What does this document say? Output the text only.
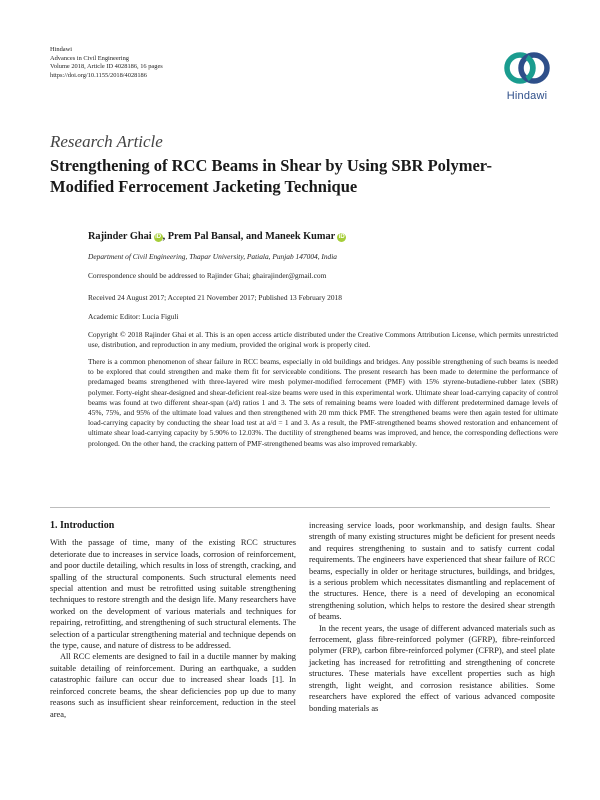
Hindawi
Advances in Civil Engineering
Volume 2018, Article ID 4028186, 16 pages
https://doi.org/10.1155/2018/4028186
Hindawi
Research Article
Strengthening of RCC Beams in Shear by Using SBR Polymer-Modified Ferrocement Jacketing Technique
Rajinder Ghai iD , Prem Pal Bansal, and Maneek Kumar iD
Department of Civil Engineering, Thapar University, Patiala, Punjab 147004, India
Correspondence should be addressed to Rajinder Ghai; ghairajinder@gmail.com
Received 24 August 2017; Accepted 21 November 2017; Published 13 February 2018
Academic Editor: Lucia Figuli
Copyright © 2018 Rajinder Ghai et al. This is an open access article distributed under the Creative Commons Attribution License, which permits unrestricted use, distribution, and reproduction in any medium, provided the original work is properly cited.
There is a common phenomenon of shear failure in RCC beams, especially in old buildings and bridges. Any possible strengthening of such beams is needed to be explored that could strengthen and make them fit for serviceable conditions. The present research has been made to determine the performance of predamaged beams strengthened with three-layered wire mesh polymer-modified ferrocement (PMF) with 15% styrene-butadiene-rubber latex (SBR) polymer. Forty-eight shear-designed and shear-deficient real-size beams were used in this experimental work. Ultimate shear load-carrying capacity of control beams was found at two different shear-span (a/d) ratios 1 and 3. The sets of remaining beams were loaded with different predetermined damage levels of 45%, 75%, and 95% of the ultimate load values and then strengthened with 20 mm thick PMF. The strengthened beams were then again tested for ultimate load-carrying capacity by conducting the shear load test at a/d = 1 and 3. As a result, the PMF-strengthened beams showed restoration and enhancement of ultimate shear load-carrying capacity by 5.90% to 12.03%. The ductility of strengthened beams was improved, and hence, the corresponding deflections were prolonged. On the other hand, the cracking pattern of PMF-strengthened beams was also improved remarkably.
1. Introduction

With the passage of time, many of the existing RCC structures deteriorate due to increases in service loads, corrosion of reinforcement, and poor ductile detailing, which results in loss of strength, cracking, and spalling of the structural components. Such structural elements need special attention and must be retrofitted using suitable strengthening techniques to restore strength and the design life. Many researchers have worked on the development of various materials and techniques for repairing, retrofitting, and strengthening of such structural elements. The selection of a particular strengthening material and technique depends on the type, cause, and nature of distress to be addressed.

All RCC elements are designed to fail in a ductile manner by making suitable detailing of reinforcement. During an earthquake, a sudden catastrophic failure can occur due to increased shear loads [1]. In reinforced concrete beams, the shear deficiencies pop up due to many reasons such as insufficient shear reinforcement, reduction in the steel area,

increasing service loads, poor workmanship, and design faults. Shear strength of many existing structures might be deficient for present needs and requires strengthening to sustain and to satisfy current codal requirements. The engineers have experienced that shear failure of RCC beams, especially in older or heritage structures, buildings, and bridges, is a serious problem which necessitates dismantling and replacement of the structures. Hence, there is a need of developing an economical strengthening solution, which helps to restore the desired shear strength of beams.

In the recent years, the usage of different advanced materials such as ferrocement, glass fibre-reinforced polymer (GFRP), fibre-reinforced polymer (FRP), carbon fibre-reinforced polymer (CFRP), and steel plate jacketing has increased for retrofitting and strengthening of concrete structures. These materials have excellent properties such as high strength, light weight, and corrosion resistance abilities. Some researchers have explored the effect of various advanced composite bonding materials as
